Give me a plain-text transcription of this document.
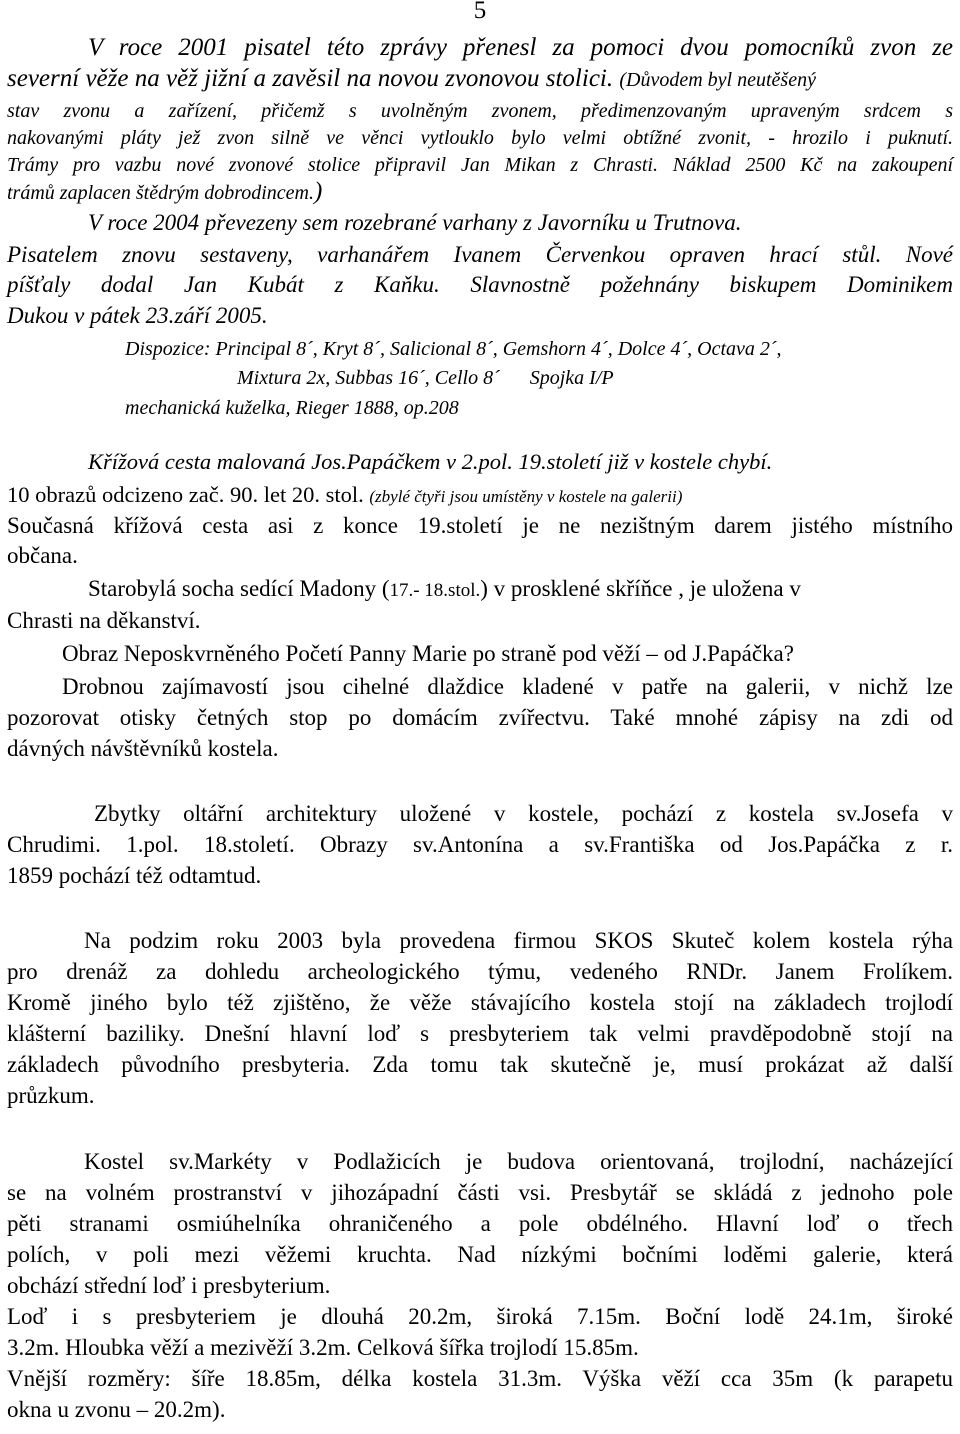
5
V roce 2001 pisatel této zprávy přenesl za pomoci dvou pomocníků zvon ze
severní věže na věž jižní a zavěsil na novou zvonovou stolici. (Důvodem byl neutěšený
stav zvonu a zařízení, přičemž s uvolněným zvonem, předimenzovaným upraveným srdcem s
nakovanými pláty jež zvon silně ve věnci vytlouklo bylo velmi obtížné zvonit, - hrozilo i puknutí.
Trámy pro vazbu nové zvonové stolice připravil Jan Mikan z Chrasti. Náklad 2500 Kč na zakoupení
trámů zaplacen štědrým dobrodincem.)
V roce 2004 převezeny sem rozebrané varhany z Javorníku u Trutnova.
Pisatelem znovu sestaveny, varhanářem Ivanem Červenkou opraven hrací stůl. Nové
píšťaly dodal Jan Kubát z Kaňku. Slavnostně požehnány biskupem Dominikem
Dukou v pátek 23.září 2005.
Dispozice: Principal 8´, Kryt 8´, Salicional 8´, Gemshorn 4´, Dolce 4´, Octava 2´,
Mixtura 2x, Subbas 16´, Cello 8´      Spojka I/P
mechanická kuželka, Rieger 1888, op.208
Křížová cesta malovaná Jos.Papáčkem v 2.pol. 19.století již v kostele chybí.
10 obrazů odcizeno zač. 90. let 20. stol. (zbylé čtyři jsou umístěny v kostele na galerii)
Současná křížová cesta asi z konce 19.století je ne nezištným darem jistého místního
občana.
Starobylá socha sedící Madony (17.- 18.stol.) v prosklené skříňce , je uložena v
Chrasti na děkanství.
Obraz Neposkvrněného Početí Panny Marie po straně pod věží – od J.Papáčka?
Drobnou zajímavostí jsou cihelné dlaždice kladené v patře na galerii, v nichž lze
pozorovat otisky četných stop po domácím zvířectvu. Také mnohé zápisy na zdi od
dávných návštěvníků kostela.
Zbytky oltářní architektury uložené v kostele, pochází z kostela sv.Josefa v
Chrudimi. 1.pol. 18.století. Obrazy sv.Antonína a sv.Františka od Jos.Papáčka z r.
1859 pochází též odtamtud.
Na podzim roku 2003 byla provedena firmou SKOS Skuteč kolem kostela rýha
pro drenáž za dohledu archeologického týmu, vedeného RNDr. Janem Frolíkem.
Kromě jiného bylo též zjištěno, že věže stávajícího kostela stojí na základech trojlodí
klášterní baziliky. Dnešní hlavní loď s presbyteriem tak velmi pravděpodobně stojí na
základech původního presbyteria. Zda tomu tak skutečně je, musí prokázat až další
průzkum.
Kostel sv.Markéty v Podlažicích je budova orientovaná, trojlodní, nacházející
se na volném prostranství v jihozápadní části vsi. Presbytář se skládá z jednoho pole
pěti stranami osmiúhelníka ohraničeného a pole obdélného. Hlavní loď o třech
polích, v poli mezi věžemi kruchta. Nad nízkými bočními loděmi galerie, která
obchází střední loď i presbyterium.
Loď i s presbyteriem je dlouhá 20.2m, široká 7.15m. Boční lodě 24.1m, široké
3.2m. Hloubka věží a mezivěží 3.2m. Celková šířka trojlodí 15.85m.
Vnější rozměry: šíře 18.85m, délka kostela 31.3m. Výška věží cca 35m (k parapetu
okna u zvonu – 20.2m).
